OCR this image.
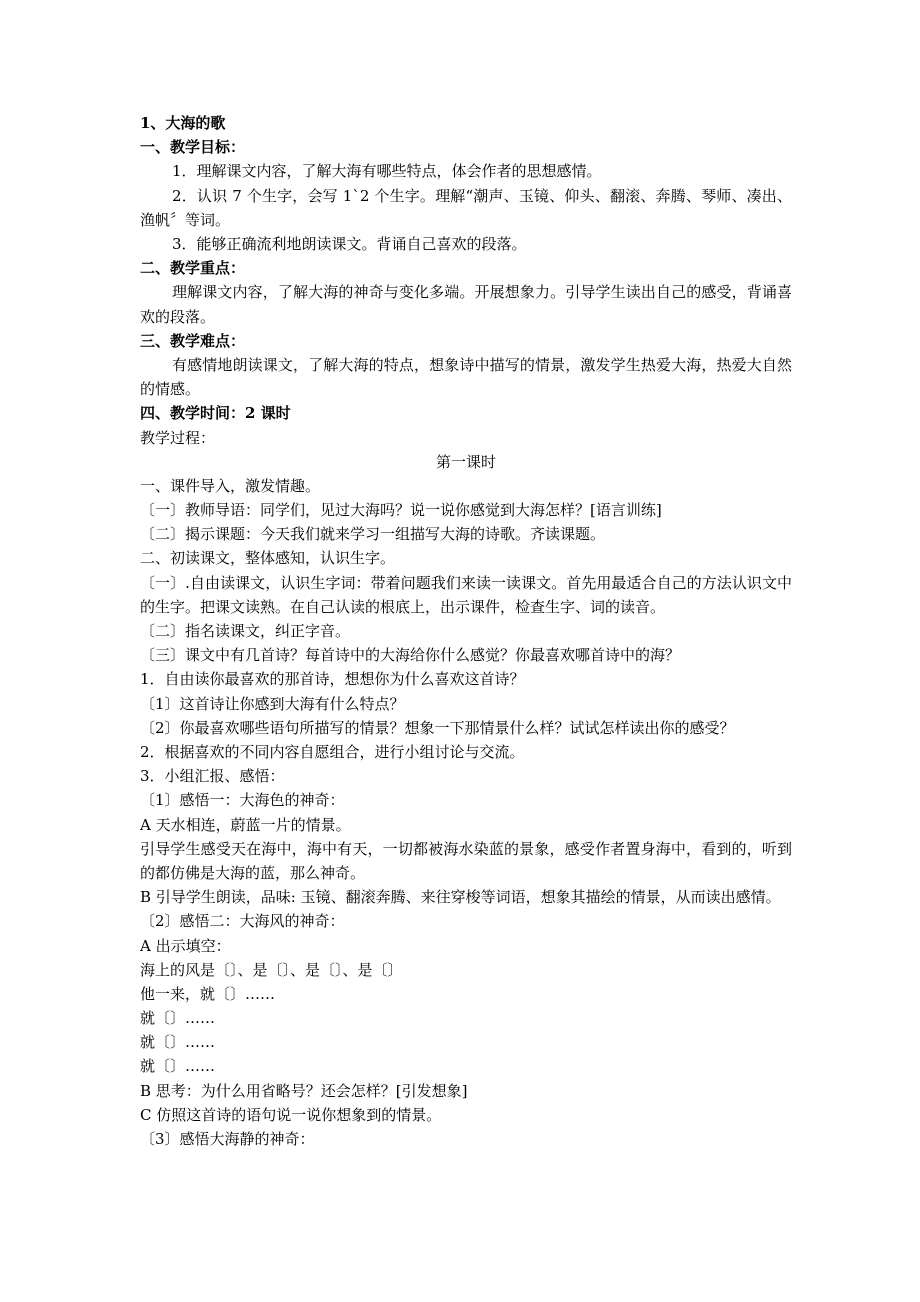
1、大海的歌
一、教学目标：
1．理解课文内容，了解大海有哪些特点，体会作者的思想感情。
2．认识 7 个生字，会写 1`2 个生字。理解“潮声、玉镜、仰头、翻滚、奔腾、琴师、凑出、渔帆〞等词。
3．能够正确流利地朗读课文。背诵自己喜欢的段落。
二、教学重点：
理解课文内容，了解大海的神奇与变化多端。开展想象力。引导学生读出自己的感受，背诵喜欢的段落。
三、教学难点：
有感情地朗读课文，了解大海的特点，想象诗中描写的情景，激发学生热爱大海，热爱大自然的情感。
四、教学时间：2 课时
教学过程：
第一课时
一、课件导入，激发情趣。
〔一〕教师导语：同学们，见过大海吗？说一说你感觉到大海怎样？[语言训练]
〔二〕揭示课题：今天我们就来学习一组描写大海的诗歌。齐读课题。
二、初读课文，整体感知，认识生字。
〔一〕.自由读课文，认识生字词：带着问题我们来读一读课文。首先用最适合自己的方法认识文中的生字。把课文读熟。在自己认读的根底上，出示课件，检查生字、词的读音。
〔二〕指名读课文，纠正字音。
〔三〕课文中有几首诗？每首诗中的大海给你什么感觉？你最喜欢哪首诗中的海？
1．自由读你最喜欢的那首诗，想想你为什么喜欢这首诗？
〔1〕这首诗让你感到大海有什么特点？
〔2〕你最喜欢哪些语句所描写的情景？想象一下那情景什么样？试试怎样读出你的感受？
2．根据喜欢的不同内容自愿组合，进行小组讨论与交流。
3．小组汇报、感悟：
〔1〕感悟一：大海色的神奇：
A 天水相连，蔚蓝一片的情景。
引导学生感受天在海中，海中有天，一切都被海水染蓝的景象，感受作者置身海中，看到的，听到的都仿佛是大海的蓝，那么神奇。
B 引导学生朗读，品味: 玉镜、翻滚奔腾、来往穿梭等词语，想象其描绘的情景，从而读出感情。
〔2〕感悟二：大海风的神奇：
A 出示填空：
海上的风是〔〕、是〔〕、是〔〕、是〔〕
他一来，就〔〕……
就〔〕……
就〔〕……
就〔〕……
B 思考：为什么用省略号？还会怎样？[引发想象]
C 仿照这首诗的语句说一说你想象到的情景。
〔3〕感悟大海静的神奇：
